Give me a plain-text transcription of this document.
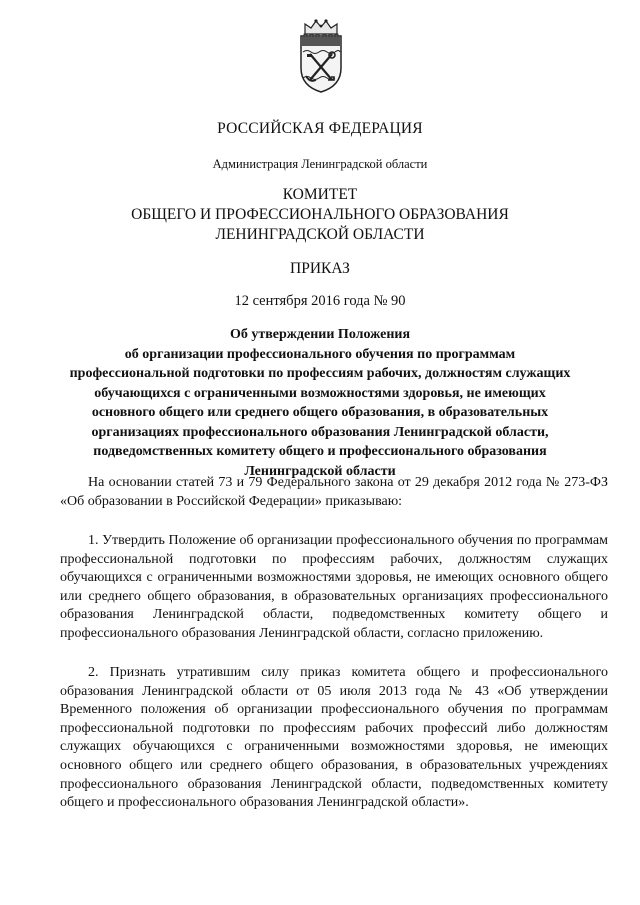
РОССИЙСКАЯ ФЕДЕРАЦИЯ
Администрация Ленинградской области
КОМИТЕТ
ОБЩЕГО И ПРОФЕССИОНАЛЬНОГО ОБРАЗОВАНИЯ
ЛЕНИНГРАДСКОЙ ОБЛАСТИ
ПРИКАЗ
12 сентября 2016 года № 90
Об утверждении Положения
об организации профессионального обучения по программам
профессиональной подготовки по профессиям рабочих, должностям служащих
обучающихся с ограниченными возможностями здоровья, не имеющих
основного общего или среднего общего образования, в образовательных
организациях профессионального образования Ленинградской области,
подведомственных комитету общего и профессионального образования
Ленинградской области

На основании статей 73 и 79 Федерального закона от 29 декабря 2012 года № 273-ФЗ «Об образовании в Российской Федерации» приказываю:

1. Утвердить Положение об организации профессионального обучения по программам профессиональной подготовки по профессиям рабочих, должностям служащих обучающихся с ограниченными возможностями здоровья, не имеющих основного общего или среднего общего образования, в образовательных организациях профессионального образования Ленинградской области, подведомственных комитету общего и профессионального образования Ленинградской области, согласно приложению.

2. Признать утратившим силу приказ комитета общего и профессионального образования Ленинградской области от 05 июля 2013 года № 43 «Об утверждении Временного положения об организации профессионального обучения по программам профессиональной подготовки по профессиям рабочих профессий либо должностям служащих обучающихся с ограниченными возможностями здоровья, не имеющих основного общего или среднего общего образования, в образовательных учреждениях профессионального образования Ленинградской области, подведомственных комитету общего и профессионального образования Ленинградской области».
